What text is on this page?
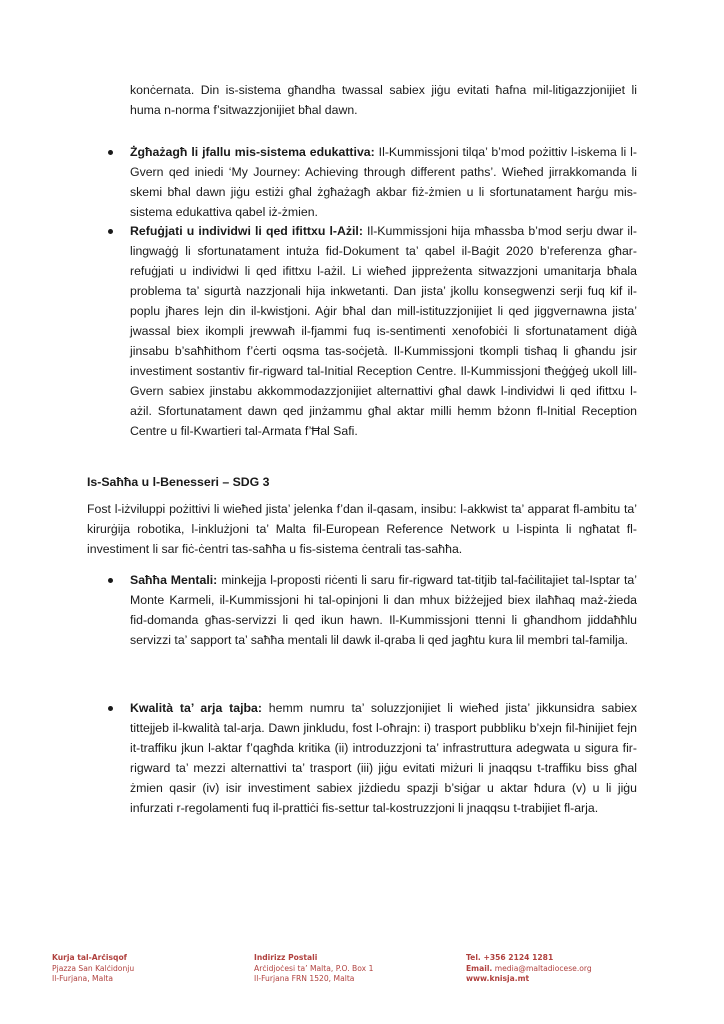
konċernata. Din is-sistema għandha twassal sabiex jiġu evitati ħafna mil-litigazzjonijiet li huma n-norma f’sitwazzjonijiet bħal dawn.

Żgħażagħ li jfallu mis-sistema edukattiva: Il-Kummissjoni tilqa’ b’mod pożittiv l-iskema li l-Gvern qed iniedi ‘My Journey: Achieving through different paths’. Wieħed jirrakkomanda li skemi bħal dawn jiġu estiżi għal żgħażagħ akbar fiż-żmien u li sfortunatament ħarġu mis-sistema edukattiva qabel iż-żmien.

Refuġjati u individwi li qed ifittxu l-Ażil: Il-Kummissjoni hija mħassba b’mod serju dwar il-lingwaġġ li sfortunatament intuża fid-Dokument ta’ qabel il-Baġit 2020 b’referenza għar-refuġjati u individwi li qed ifittxu l-ażil. Li wieħed jippreżenta sitwazzjoni umanitarja bħala problema ta’ sigurtà nazzjonali hija inkwetanti. Dan jista’ jkollu konsegwenzi serji fuq kif il-poplu jħares lejn din il-kwistjoni. Aġir bħal dan mill-istituzzjonijiet li qed jiggvernawna jista’ jwassal biex ikompli jrewwaħ il-fjammi fuq is-sentimenti xenofobiċi li sfortunatament diġà jinsabu b’saħħithom f’ċerti oqsma tas-soċjetà. Il-Kummissjoni tkompli tisħaq li għandu jsir investiment sostantiv fir-rigward tal-Initial Reception Centre. Il-Kummissjoni tħeġġeġ ukoll lill-Gvern sabiex jinstabu akkommodazzjonijiet alternattivi għal dawk l-individwi li qed ifittxu l-ażil. Sfortunatament dawn qed jinżammu għal aktar milli hemm bżonn fl-Initial Reception Centre u fil-Kwartieri tal-Armata f’Ħal Safi.

Is-Saħħa u l-Benesseri – SDG 3

Fost l-iżviluppi pożittivi li wieħed jista’ jelenka f’dan il-qasam, insibu: l-akkwist ta’ apparat fl-ambitu ta’ kirurġija robotika, l-inklużjoni ta’ Malta fil-European Reference Network u l-ispinta li ngħatat fl-investiment li sar fiċ-ċentri tas-saħħa u fis-sistema ċentrali tas-saħħa.

Saħħa Mentali: minkejja l-proposti riċenti li saru fir-rigward tat-titjib tal-faċilitajiet tal-Isptar ta’ Monte Karmeli, il-Kummissjoni hi tal-opinjoni li dan mhux biżżejjed biex ilaħħaq maż-żieda fid-domanda għas-servizzi li qed ikun hawn. Il-Kummissjoni ttenni li għandhom jiddaħħlu servizzi ta’ sapport ta’ saħħa mentali lil dawk il-qraba li qed jagħtu kura lil membri tal-familja.

Kwalità ta’ arja tajba: hemm numru ta’ soluzzjonijiet li wieħed jista’ jikkunsidra sabiex tittejjeb il-kwalità tal-arja. Dawn jinkludu, fost l-oħrajn: i) trasport pubbliku b’xejn fil-ħinijiet fejn it-traffiku jkun l-aktar f’qagħda kritika (ii) introduzzjoni ta’ infrastruttura adegwata u sigura fir-rigward ta’ mezzi alternattivi ta’ trasport (iii) jiġu evitati miżuri li jnaqqsu t-traffiku biss għal żmien qasir (iv) isir investiment sabiex jiżdiedu spazji b’siġar u aktar ħdura (v) u li jiġu infurzati r-regolamenti fuq il-prattiċi fis-settur tal-kostruzzjoni li jnaqqsu t-trabijiet fl-arja.

Kurja tal-Arċisqof
Pjazza San Kalċidonju
Il-Furjana, Malta
Indirizz Postali
Arċidjoċesi ta’ Malta, P.O. Box 1
Il-Furjana FRN 1520, Malta
Tel. +356 2124 1281
Email. media@maltadiocese.org
www.knisja.mt
